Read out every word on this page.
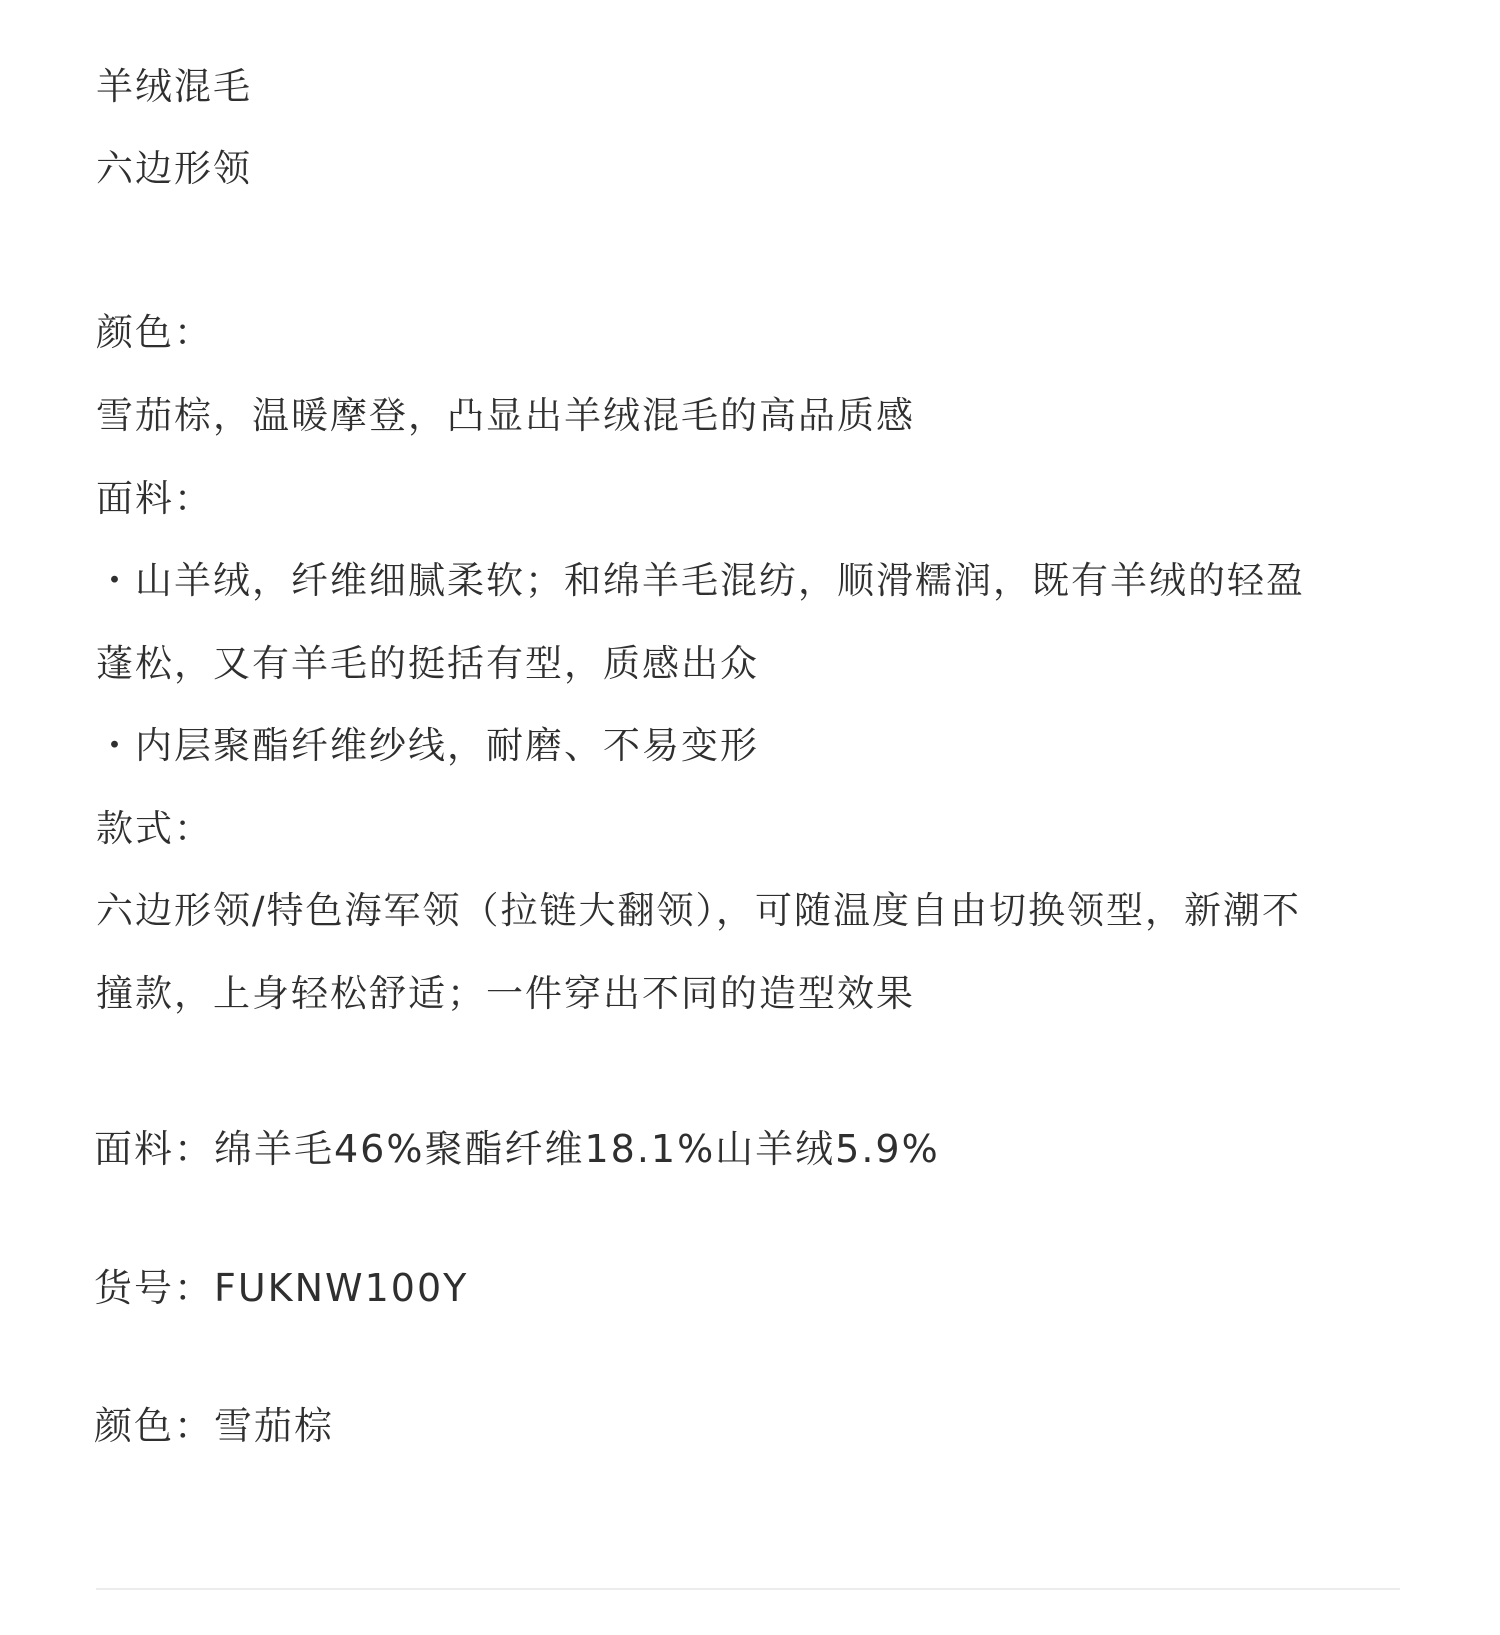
羊绒混毛
六边形领
颜色：
雪茄棕，温暖摩登，凸显出羊绒混毛的高品质感
面料：
・山羊绒，纤维细腻柔软；和绵羊毛混纺，顺滑糯润，既有羊绒的轻盈
蓬松，又有羊毛的挺括有型，质感出众
・内层聚酯纤维纱线，耐磨、不易变形
款式：
六边形领/特色海军领（拉链大翻领），可随温度自由切换领型，新潮不
撞款，上身轻松舒适；一件穿出不同的造型效果
面料：绵羊毛46%聚酯纤维18.1%山羊绒5.9%
货号：FUKNW100Y
颜色：雪茄棕
